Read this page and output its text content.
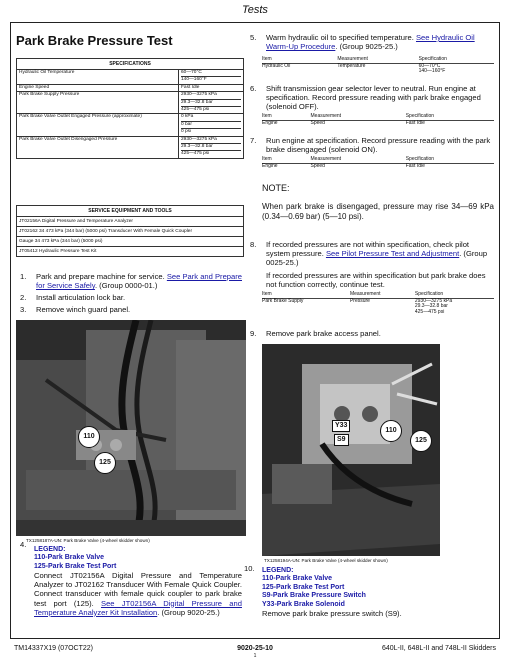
Tests
Park Brake Pressure Test
SPECIFICATIONS	
Hydraulic Oil Temperature	60—70°C
140—160°F

Engine Speed	Fast Idle

Park Brake Supply Pressure	2930—3275 kPa
29.3—32.8 bar
425—475 psi

Park Brake Valve Outlet Engaged Pressure (approximate)	0 kPa
0 bar
0 psi

Park Brake Valve Outlet Disengaged Pressure	2930—3275 kPa
29.3—32.8 bar
425—475 psi
SERVICE EQUIPMENT AND TOOLS
JT02156A Digital Pressure and Temperature Analyzer
JT02162 34 473 kPa (344 bar) (5000 psi) Transducer With Female Quick Coupler
Gauge 34 473 kPa (344 bar) (5000 psi)
JT05412 Hydraulic Pressure Test Kit
1. Park and prepare machine for service. See Park and Prepare for Service Safely. (Group 0000-01.)
2. Install articulation lock bar.
3. Remove winch guard panel.
110
125
TX1258187A-UN: Park Brake Valve (4-wheel skidder shown)
4.
LEGEND:
110-Park Brake Valve
125-Park Brake Test Port
Connect JT02156A Digital Pressure and Temperature Analyzer to JT02162 Transducer With Female Quick Coupler. Connect transducer with female quick coupler to park brake test port (125). See JT02156A Digital Pressure and Temperature Analyzer Kit Installation. (Group 9020-25.)
5. Warm hydraulic oil to specified temperature. See Hydraulic Oil Warm-Up Procedure. (Group 9025-25.)
Item	Measurement	Specification
Hydraulic Oil	Temperature	60—70°C
		140—160°F
6. Shift transmission gear selector lever to neutral. Run engine at specification. Record pressure reading with park brake engaged (solenoid OFF).
Item	Measurement	Specification
Engine	Speed	Fast Idle
7. Run engine at specification. Record pressure reading with the park brake disengaged (solenoid ON).
Item	Measurement	Specification
Engine	Speed	Fast Idle
NOTE:
When park brake is disengaged, pressure may rise 34—69 kPa (0.34—0.69 bar) (5—10 psi).
8. If recorded pressures are not within specification, check pilot system pressure. See Pilot Pressure Test and Adjustment. (Group 0025-25.)
If recorded pressures are within specification but park brake does not function correctly, continue test.
Item	Measurement	Specification
Park Brake Supply	Pressure	2930—3275 kPa
		29.3—32.8 bar
		425—475 psi
9. Remove park brake access panel.
Y33
S9
110
125
TX1258194A-UN: Park Brake Valve (4-wheel skidder shown)
10. LEGEND:
110-Park Brake Valve
125-Park Brake Test Port
S9-Park Brake Pressure Switch
Y33-Park Brake Solenoid
Remove park brake pressure switch (S9).
TM14337X19 (07OCT22)	9020-25-10	640L-II, 648L-II and 748L-II Skidders
1
